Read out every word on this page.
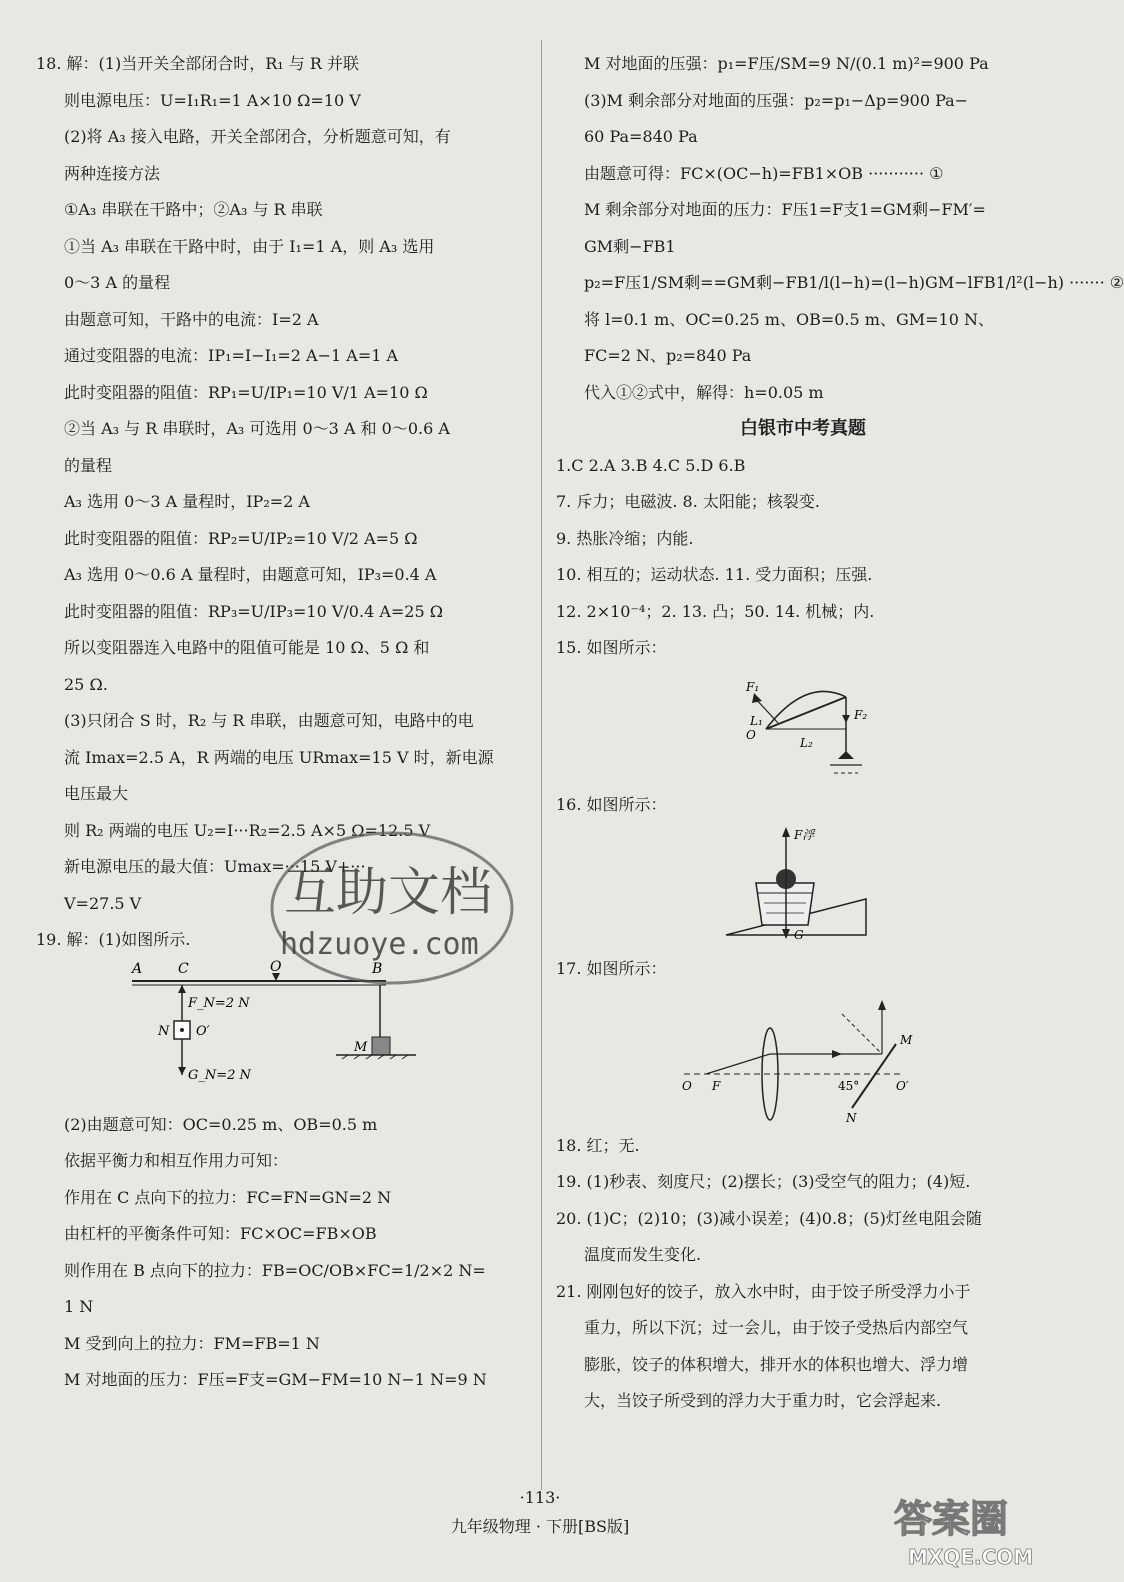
18. 解：(1)当开关全部闭合时，R₁ 与 R 并联
则电源电压：U=I₁R₁=1 A×10 Ω=10 V
(2)将 A₃ 接入电路，开关全部闭合，分析题意可知，有
两种连接方法
①A₃ 串联在干路中；②A₃ 与 R 串联
①当 A₃ 串联在干路中时，由于 I₁=1 A，则 A₃ 选用
0～3 A 的量程
由题意可知，干路中的电流：I=2 A
通过变阻器的电流：IP₁=I−I₁=2 A−1 A=1 A
此时变阻器的阻值：RP₁=U/IP₁=10 V/1 A=10 Ω
②当 A₃ 与 R 串联时，A₃ 可选用 0～3 A 和 0～0.6 A
的量程
A₃ 选用 0～3 A 量程时，IP₂=2 A
此时变阻器的阻值：RP₂=U/IP₂=10 V/2 A=5 Ω
A₃ 选用 0～0.6 A 量程时，由题意可知，IP₃=0.4 A
此时变阻器的阻值：RP₃=U/IP₃=10 V/0.4 A=25 Ω
所以变阻器连入电路中的阻值可能是 10 Ω、5 Ω 和
25 Ω.
(3)只闭合 S 时，R₂ 与 R 串联，由题意可知，电路中的电
流 Imax=2.5 A，R 两端的电压 URmax=15 V 时，新电源
电压最大
则 R₂ 两端的电压 U₂=I···R₂=2.5 A×5 Ω=12.5 V
新电源电压的最大值：Umax=···15 V+···
V=27.5 V
19. 解：(1)如图所示.
A	C	O	B
F_N=2 N
N O′
G_N=2 N
M
(2)由题意可知：OC=0.25 m、OB=0.5 m
依据平衡力和相互作用力可知：
作用在 C 点向下的拉力：FC=FN=GN=2 N
由杠杆的平衡条件可知：FC×OC=FB×OB
则作用在 B 点向下的拉力：FB=OC/OB×FC=1/2×2 N=
1 N
M 受到向上的拉力：FM=FB=1 N
M 对地面的压力：F压=F支=GM−FM=10 N−1 N=9 N
M 对地面的压强：p₁=F压/SM=9 N/(0.1 m)²=900 Pa
(3)M 剩余部分对地面的压强：p₂=p₁−Δp=900 Pa−
60 Pa=840 Pa
由题意可得：FC×(OC−h)=FB1×OB ··········· ①
M 剩余部分对地面的压力：F压1=F支1=GM剩−FM′=
GM剩−FB1
p₂=F压1/SM剩==GM剩−FB1/l(l−h)=(l−h)GM−lFB1/l²(l−h) ······· ②
将 l=0.1 m、OC=0.25 m、OB=0.5 m、GM=10 N、
FC=2 N、p₂=840 Pa
代入①②式中，解得：h=0.05 m
白银市中考真题
1.C 2.A 3.B 4.C 5.D 6.B
7. 斥力；电磁波. 8. 太阳能；核裂变.
9. 热胀冷缩；内能.
10. 相互的；运动状态. 11. 受力面积；压强.
12. 2×10⁻⁴；2. 13. 凸；50. 14. 机械；内.
15. 如图所示：
F₂
F₁
L₁
O
L₂
16. 如图所示：
F浮
G
17. 如图所示：
M
O F	45°	O′
N
18. 红；无.
19. (1)秒表、刻度尺；(2)摆长；(3)受空气的阻力；(4)短.
20. (1)C；(2)10；(3)减小误差；(4)0.8；(5)灯丝电阻会随
温度而发生变化.
21. 刚刚包好的饺子，放入水中时，由于饺子所受浮力小于
重力，所以下沉；过一会儿，由于饺子受热后内部空气
膨胀，饺子的体积增大，排开水的体积也增大、浮力增
大，当饺子所受到的浮力大于重力时，它会浮起来.
互助文档
hdzuoye.com
答案圈
MXQE.COM
·113·
九年级物理 · 下册[BS版]
